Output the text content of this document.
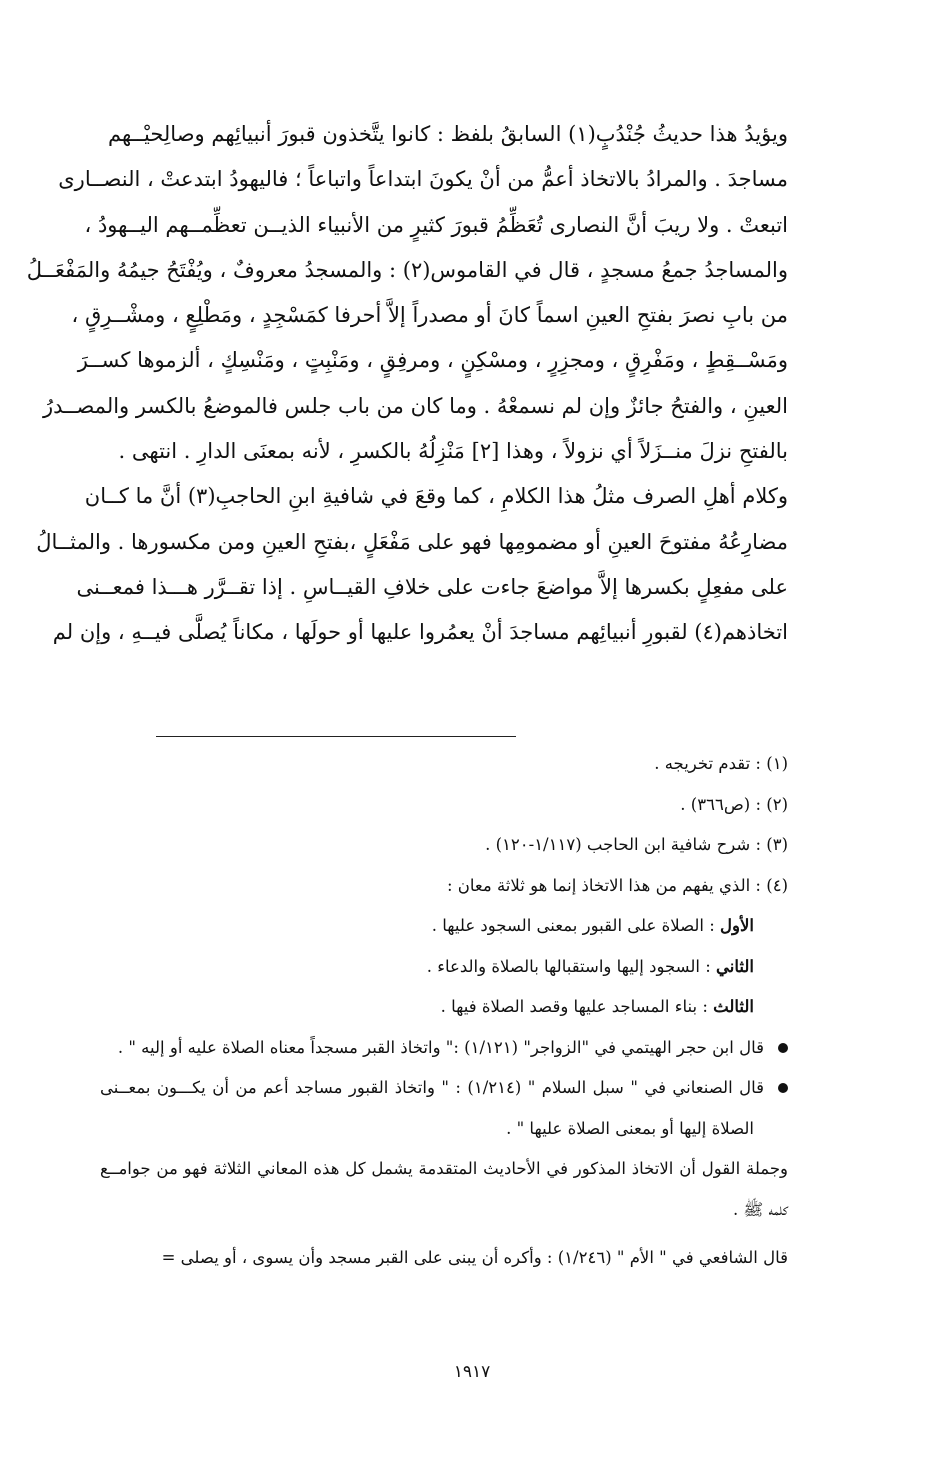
ويؤيدُ هذا حديثُ جُنْدُبٍ(١) السابقُ بلفظ : كانوا يتَّخذون قبورَ أنبيائِهم وصالِحيْــهم
مساجدَ . والمرادُ بالاتخاذ أعمُّ من أنْ يكونَ ابتداعاً واتباعاً ؛ فاليهودُ ابتدعتْ ، النصــارى
اتبعتْ . ولا ريبَ أنَّ النصارى تُعَظِّمُ قبورَ كثيرٍ من الأنبياء الذيــن تعظِّمــهم اليــهودُ ،
والمساجدُ جمعُ مسجدٍ ، قال في القاموس(٢) : والمسجدُ معروفٌ ، ويُفْتَحُ جيمُهُ والمَفْعَــلُ
من بابِ نصرَ بفتحِ العينِ اسماً كانَ أو مصدراً إلاَّ أحرفا كمَسْجِدٍ ، ومَطْلِعٍ ، ومشْــرِقٍ ،
ومَسْــقِطٍ ، ومَفْرِقٍ ، ومجزِرٍ ، ومسْكِنٍ ، ومرفِقٍ ، ومَنْبِتٍ ، ومَنْسِكٍ ، ألزموها كســرَ
العينِ ، والفتحُ جائزٌ وإن لم نسمعْهُ . وما كان من باب جلس فالموضعُ بالكسر والمصــدرُ
بالفتحِ نزلَ منــزَلاً أي نزولاً ، وهذا [٢] مَنْزِلُهُ بالكسرِ ، لأنه بمعنَى الدارِ . انتهى .
وكلام أهلِ الصرف مثلُ هذا الكلامِ ، كما وقعَ في شافيةِ ابنِ الحاجبِ(٣) أنَّ ما كــان
مضارِعُهُ مفتوحَ العينِ أو مضمومِها فهو على مَفْعَلٍ ،بفتحِ العينِ ومن مكسورها . والمثــالُ
على مفعِلٍ بكسرها إلاَّ مواضعَ جاءت على خلافِ القيــاسِ . إذا تقــرَّر هـــذا فمعــنى
اتخاذهم(٤) لقبورِ أنبيائِهم مساجدَ أنْ يعمُروا عليها أو حولَها ، مكاناً يُصلَّى فيــهِ ، وإن لم
(١) : تقدم تخريجه .
(٢) : (ص٣٦٦) .
(٣) : شرح شافية ابن الحاجب (١/١١٧-١٢٠) .
(٤) : الذي يفهم من هذا الاتخاذ إنما هو ثلاثة معان :
الأول : الصلاة على القبور بمعنى السجود عليها .
الثاني : السجود إليها واستقبالها بالصلاة والدعاء .
الثالث : بناء المساجد عليها وقصد الصلاة فيها .
قال ابن حجر الهيتمي في "الزواجر" (١/١٢١) :" واتخاذ القبر مسجداً معناه الصلاة عليه أو إليه " .
قال الصنعاني في " سبل السلام " (١/٢١٤) : " واتخاذ القبور مساجد أعم من أن يكـــون بمعــنى
الصلاة إليها أو بمعنى الصلاة عليها " .
وجملة القول أن الاتخاذ المذكور في الأحاديث المتقدمة يشمل كل هذه المعاني الثلاثة فهو من جوامــع
كلمه ﷺ .
قال الشافعي في " الأم " (١/٢٤٦) : وأكره أن يبنى على القبر مسجد وأن يسوى ، أو يصلى =
١٩١٧
